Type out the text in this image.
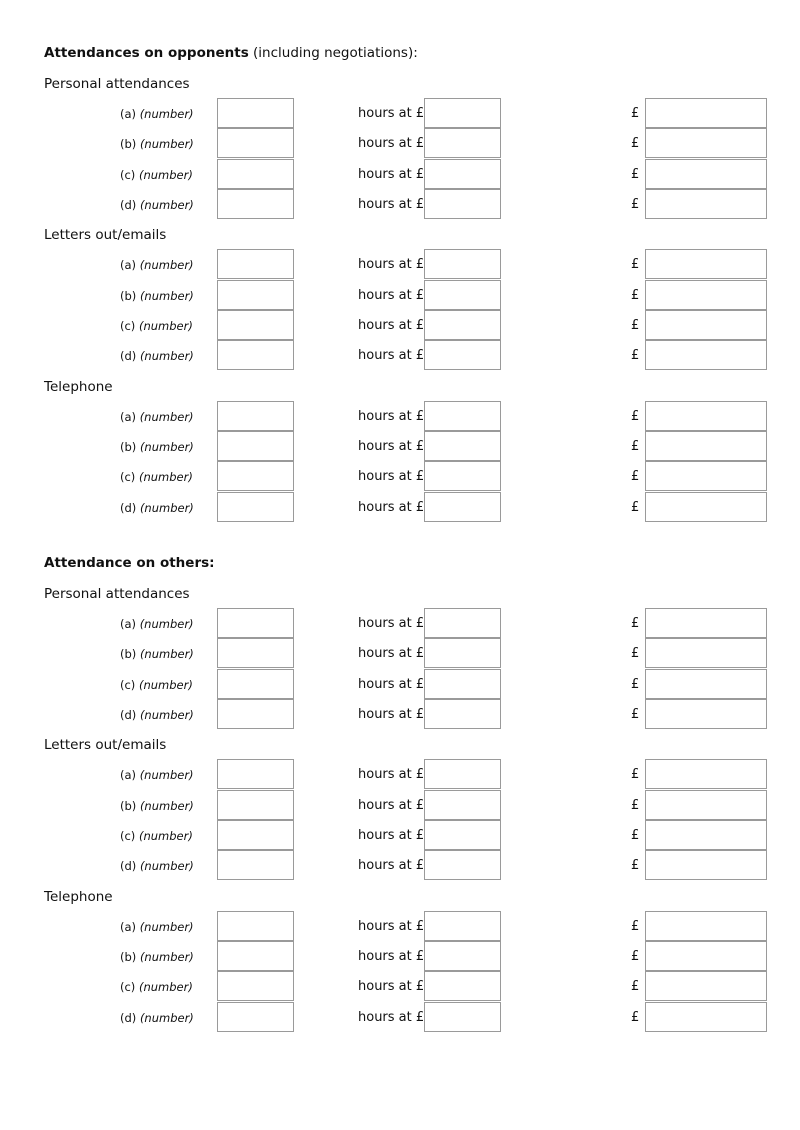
Attendances on opponents (including negotiations):
Personal attendances
(a) (number)	hours at £	£
(b) (number)	hours at £	£
(c) (number)	hours at £	£
(d) (number)	hours at £	£
Letters out/emails
(a) (number)	hours at £	£
(b) (number)	hours at £	£
(c) (number)	hours at £	£
(d) (number)	hours at £	£
Telephone
(a) (number)	hours at £	£
(b) (number)	hours at £	£
(c) (number)	hours at £	£
(d) (number)	hours at £	£
Attendance on others:
Personal attendances
(a) (number)	hours at £	£
(b) (number)	hours at £	£
(c) (number)	hours at £	£
(d) (number)	hours at £	£
Letters out/emails
(a) (number)	hours at £	£
(b) (number)	hours at £	£
(c) (number)	hours at £	£
(d) (number)	hours at £	£
Telephone
(a) (number)	hours at £	£
(b) (number)	hours at £	£
(c) (number)	hours at £	£
(d) (number)	hours at £	£
